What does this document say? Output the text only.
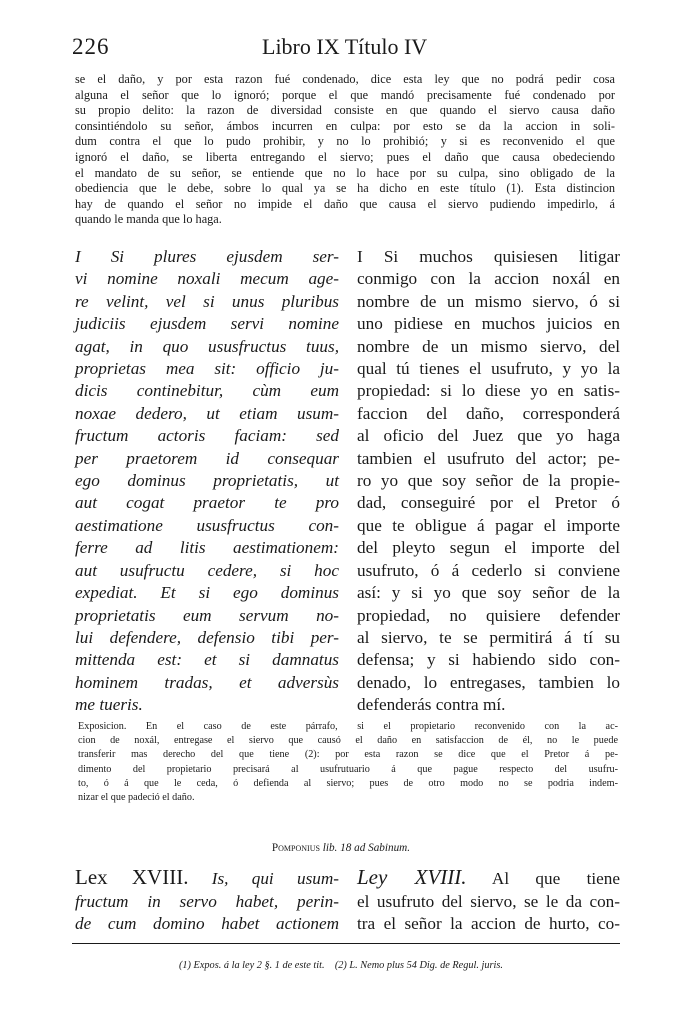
226	Libro IX Título IV
se el daño, y por esta razon fué condenado, dice esta ley que no podrá pedir cosa
alguna el señor que lo ignoró; porque el que mandó precisamente fué condenado por
su propio delito: la razon de diversidad consiste en que quando el siervo causa daño
consintiéndolo su señor, ámbos incurren en culpa: por esto se da la accion in soli-
dum contra el que lo pudo prohibir, y no lo prohibió; y si es reconvenido el que
ignoró el daño, se liberta entregando el siervo; pues el daño que causa obedeciendo
el mandato de su señor, se entiende que no lo hace por su culpa, sino obligado de la
obediencia que le debe, sobre lo qual ya se ha dicho en este título (1). Esta distincion
hay de quando el señor no impide el daño que causa el siervo pudiendo impedirlo, á
quando le manda que lo haga.
I Si plures ejusdem ser-
vi nomine noxali mecum age-
re velint, vel si unus pluribus
judiciis ejusdem servi nomine
agat, in quo ususfructus tuus,
proprietas mea sit: officio ju-
dicis continebitur, cùm eum
noxae dedero, ut etiam usum-
fructum actoris faciam: sed
per praetorem id consequar
ego dominus proprietatis, ut
aut cogat praetor te pro
aestimatione ususfructus con-
ferre ad litis aestimationem:
aut usufructu cedere, si hoc
expediat. Et si ego dominus
proprietatis eum servum no-
lui defendere, defensio tibi per-
mittenda est: et si damnatus
hominem tradas, et adversùs
me tueris.
I Si muchos quisiesen litigar
conmigo con la accion noxál en
nombre de un mismo siervo, ó si
uno pidiese en muchos juicios en
nombre de un mismo siervo, del
qual tú tienes el usufruto, y yo la
propiedad: si lo diese yo en satis-
faccion del daño, corresponderá
al oficio del Juez que yo haga
tambien el usufruto del actor; pe-
ro yo que soy señor de la propie-
dad, conseguiré por el Pretor ó
que te obligue á pagar el importe
del pleyto segun el importe del
usufruto, ó á cederlo si conviene
así: y si yo que soy señor de la
propiedad, no quisiere defender
al siervo, te se permitirá á tí su
defensa; y si habiendo sido con-
denado, lo entregases, tambien lo
defenderás contra mí.
Exposicion. En el caso de este párrafo, si el propietario reconvenido con la ac-
cion de noxál, entregase el siervo que causó el daño en satisfaccion de él, no le puede
transferir mas derecho del que tiene (2): por esta razon se dice que el Pretor á pe-
dimento del propietario precisará al usufrutuario á que pague respecto del usufru-
to, ó á que le ceda, ó defienda al siervo; pues de otro modo no se podria indem-
nizar el que padeció el daño.
Pomponius lib. 18 ad Sabinum.
Lex XVIII. Is, qui usum-
fructum in servo habet, perin-
de cum domino habet actionem
Ley XVIII. Al que tiene
el usufruto del siervo, se le da con-
tra el señor la accion de hurto, co-
(1) Expos. á la ley 2 §. 1 de este tit. (2) L. Nemo plus 54 Dig. de Regul. juris.
